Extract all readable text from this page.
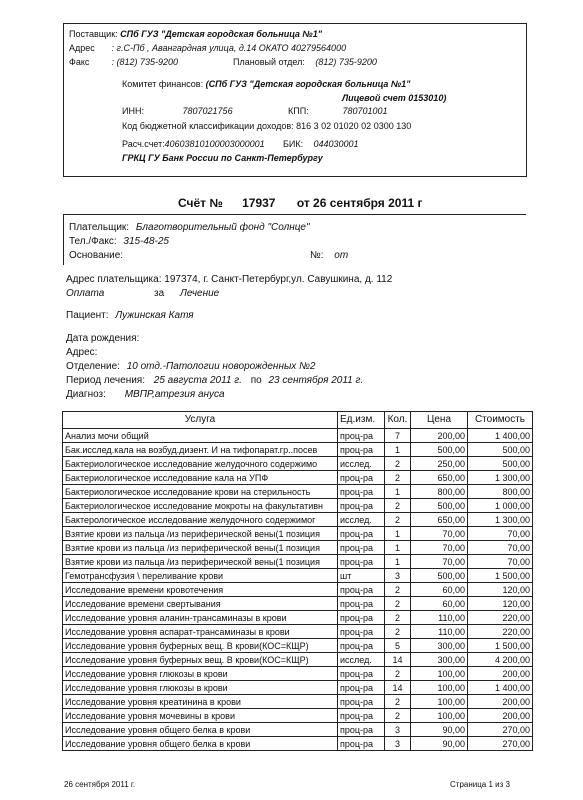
Поставщик: СПб ГУЗ "Детская городская больница №1"
Адрес : г.С-Пб , Авангардная улица, д.14 ОКАТО 40279564000
Факс : (812) 735-9200	Плановый отдел: (812) 735-9200
Комитет финансов: (СПб ГУЗ "Детская городская больница №1"
Лицевой счет 0153010)
ИНН:	7807021756	КПП:	780701001
Код бюджетной классификации доходов: 816 3 02 01020 02 0300 130
Расч.счет: 40603810100003000001 БИК: 044030001
ГРКЦ ГУ Банк России по Санкт-Петербургу
Счёт № 17937 от 26 сентября 2011 г
Плательщик: Благотворительный фонд "Солнце"
Тел./Факс: 315-48-25
Основание:	№: от
Адрес плательщика: 197374, г. Санкт-Петербург,ул. Савушкина, д. 112
Оплата	за Лечение
Пациент: Лужинская Катя
Дата рождения:
Адрес:
Отделение: 10 отд.-Патологии новорожденных №2
Период лечения: 25 августа 2011 г. по 23 сентября 2011 г.
Диагноз: МВПР,атрезия ануса
Услуга	Ед.изм.	Кол.	Цена	Стоимость
Анализ мочи общий	проц-ра	7	200,00	1 400,00
Бак.исслед.кала на возбуд.дизент. И на тифопарат.гр..посев	проц-ра	1	500,00	500,00
Бактериологическое исследование желудочного содержимо	исслед.	2	250,00	500,00
Бактериологическое исследование кала на УПФ	проц-ра	2	650,00	1 300,00
Бактериологическое исследование крови на стерильность	проц-ра	1	800,00	800,00
Бактериологическое исследование мокроты на факультативн	проц-ра	2	500,00	1 000,00
Бактерологическое исследование желудочного содержимог	исслед.	2	650,00	1 300,00
Взятие крови из пальца /из периферической вены(1 позиция	проц-ра	1	70,00	70,00
Взятие крови из пальца /из периферической вены(1 позиция	проц-ра	1	70,00	70,00
Взятие крови из пальца /из периферической вены(1 позиция	проц-ра	1	70,00	70,00
Гемотрансфузия \ переливание крови	шт	3	500,00	1 500,00
Исследование времени кровотечения	проц-ра	2	60,00	120,00
Исследование времени свертывания	проц-ра	2	60,00	120,00
Исследование уровня аланин-трансаминазы в крови	проц-ра	2	110,00	220,00
Исследование уровня аспарат-трансаминазы в крови	проц-ра	2	110,00	220,00
Исследование уровня буферных вещ. В крови(КОС=КЩР)	проц-ра	5	300,00	1 500,00
Исследование уровня буферных вещ. В крови(КОС=КЩР)	исслед.	14	300,00	4 200,00
Исследование уровня глюкозы в крови	проц-ра	2	100,00	200,00
Исследование уровня глюкозы в крови	проц-ра	14	100,00	1 400,00
Исследование уровня креатинина в крови	проц-ра	2	100,00	200,00
Исследование уровня мочевины в крови	проц-ра	2	100,00	200,00
Исследование уровня общего белка в крови	проц-ра	3	90,00	270,00
Исследование уровня общего белка в крови	проц-ра	3	90,00	270,00
26 сентября 2011 г.	Страница 1 из 3
